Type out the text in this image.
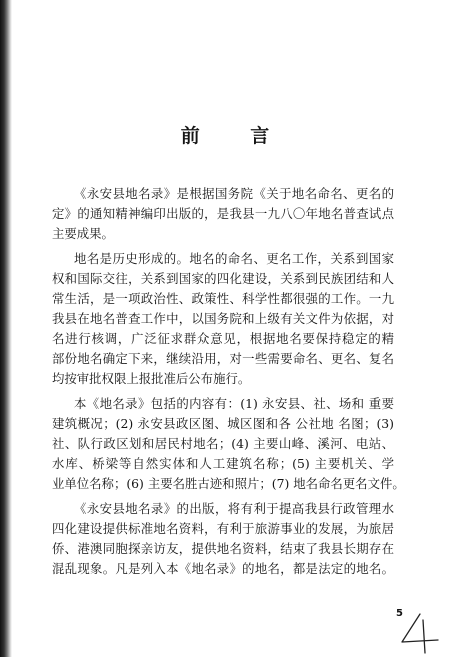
前 言
《永安县地名录》是根据国务院《关于地名命名、更名的
定》的通知精神编印出版的，是我县一九八〇年地名普查试点
主要成果。
地名是历史形成的。地名的命名、更名工作，关系到国家
权和国际交往，关系到国家的四化建设，关系到民族团结和人
常生活，是一项政治性、政策性、科学性都很强的工作。一九
我县在地名普查工作中，以国务院和上级有关文件为依据，对
名进行核调，广泛征求群众意见，根据地名要保持稳定的精
部份地名确定下来，继续沿用，对一些需要命名、更名、复名
均按审批权限上报批准后公布施行。
本《地名录》包括的内容有：(1) 永安县、社、场和 重要
建筑概况；(2) 永安县政区图、城区图和各 公社地 名图；(3)
社、队行政区划和居民村地名；(4) 主要山峰、溪河、电站、
水库、桥梁等自然实体和人工建筑名称；(5) 主要机关、学
业单位名称；(6) 主要名胜古迹和照片；(7) 地名命名更名文件。
《永安县地名录》的出版，将有利于提高我县行政管理水
四化建设提供标准地名资料，有利于旅游事业的发展，为旅居
侨、港澳同胞探亲访友，提供地名资料，结束了我县长期存在
混乱现象。凡是列入本《地名录》的地名，都是法定的地名。
5
